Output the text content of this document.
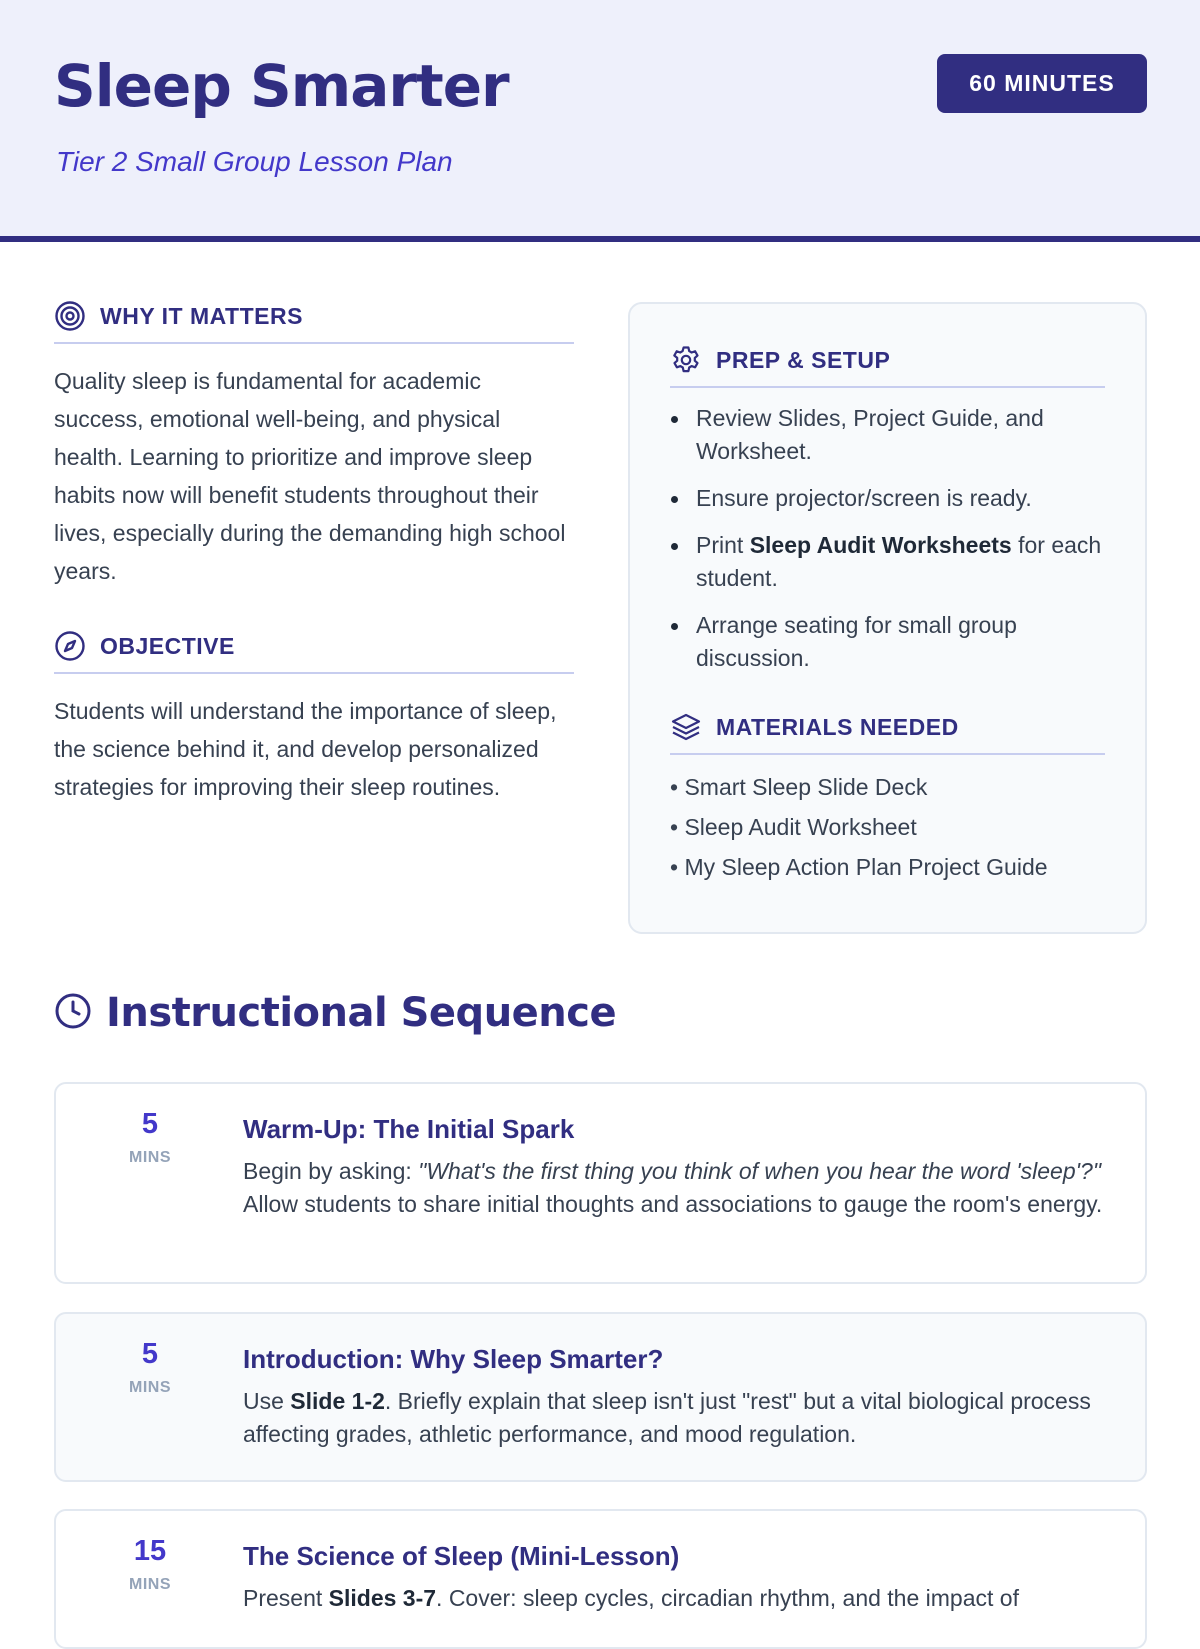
Sleep Smarter
Tier 2 Small Group Lesson Plan
60 MINUTES
WHY IT MATTERS

Quality sleep is fundamental for academic success, emotional well-being, and physical health. Learning to prioritize and improve sleep habits now will benefit students throughout their lives, especially during the demanding high school years.

OBJECTIVE

Students will understand the importance of sleep, the science behind it, and develop personalized strategies for improving their sleep routines.

PREP & SETUP
Review Slides, Project Guide, and Worksheet.
Ensure projector/screen is ready.
Print Sleep Audit Worksheets for each student.
Arrange seating for small group discussion.
MATERIALS NEEDED
• Smart Sleep Slide Deck
• Sleep Audit Worksheet
• My Sleep Action Plan Project Guide
Instructional Sequence
5
MINS
Warm-Up: The Initial Spark
Begin by asking: "What's the first thing you think of when you hear the word 'sleep'?" Allow students to share initial thoughts and associations to gauge the room's energy.
5
MINS
Introduction: Why Sleep Smarter?
Use Slide 1-2. Briefly explain that sleep isn't just "rest" but a vital biological process affecting grades, athletic performance, and mood regulation.
15
MINS
The Science of Sleep (Mini-Lesson)
Present Slides 3-7. Cover: sleep cycles, circadian rhythm, and the impact of
